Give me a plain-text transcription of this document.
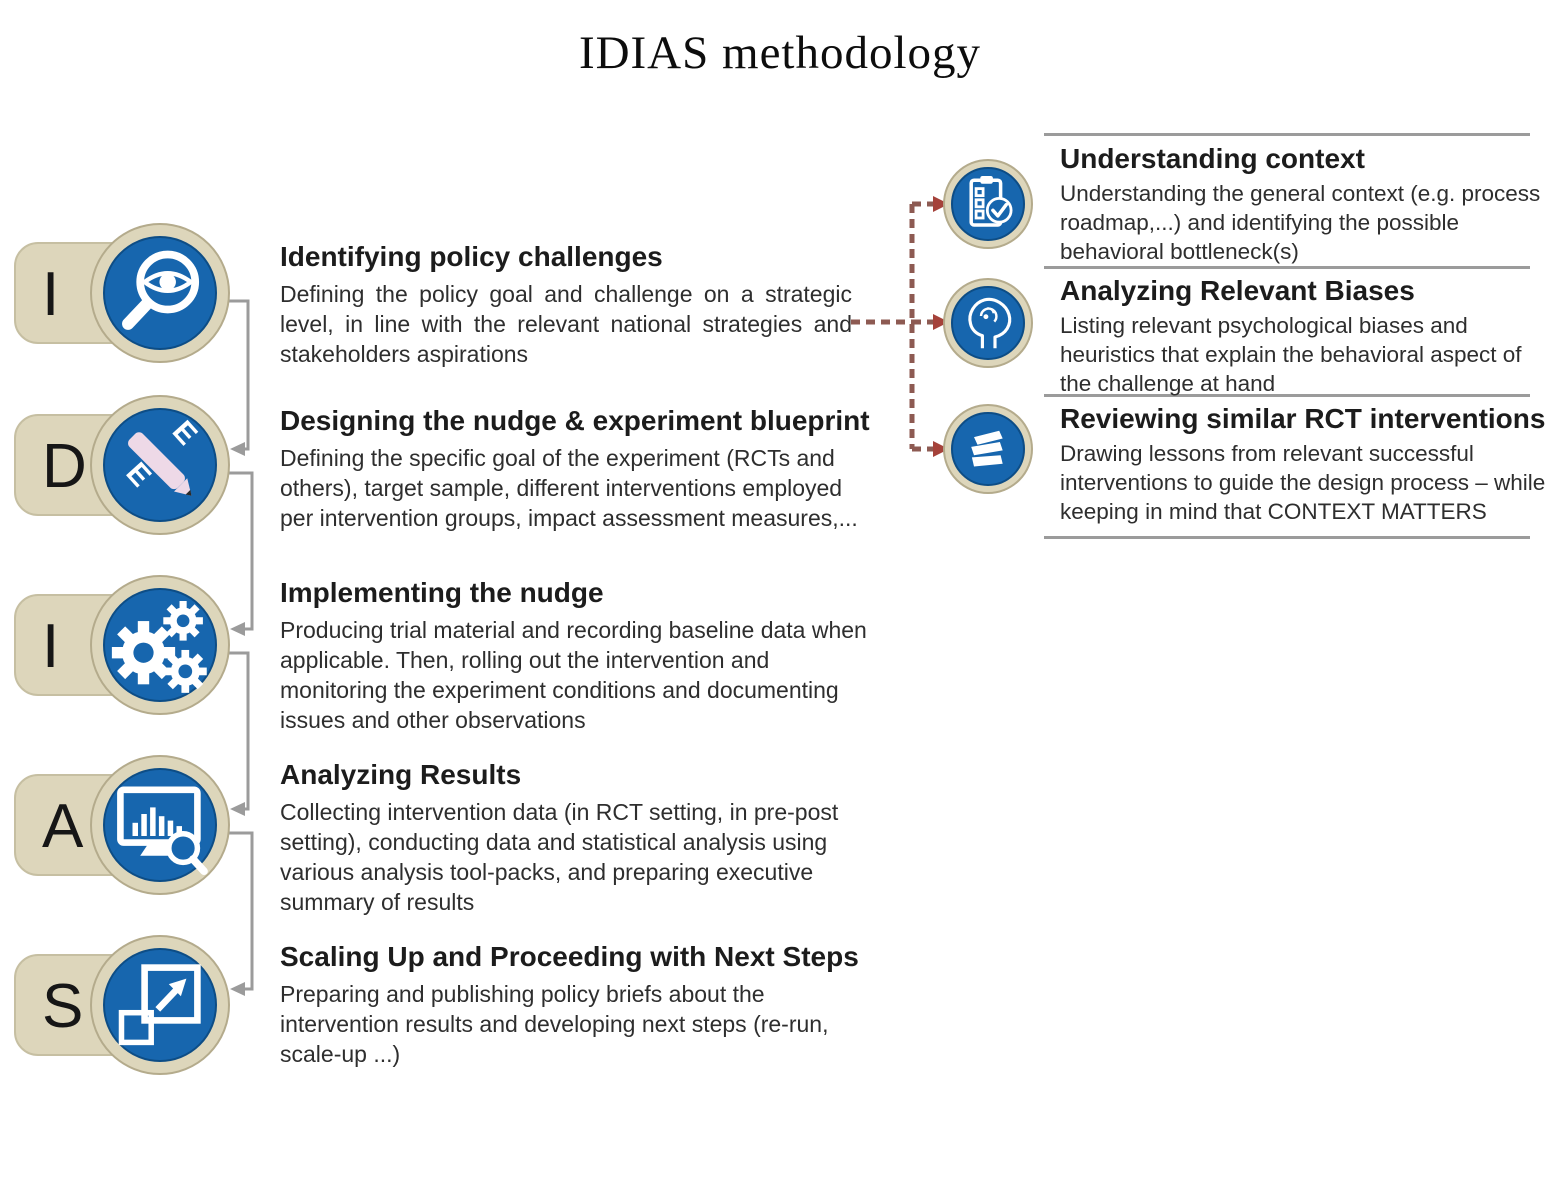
IDIAS methodology
I
D	E
E
I
A
S
Identifying policy challenges

Defining the policy goal and challenge on a strategic level, in line with the relevant national strategies and stakeholders aspirations

Designing the nudge & experiment blueprint

Defining the specific goal of the experiment (RCTs and others), target sample, different interventions employed per intervention groups, impact assessment measures,...

Implementing the nudge

Producing trial material and recording baseline data when applicable. Then, rolling out the intervention and monitoring the experiment conditions and documenting issues and other observations

Analyzing Results

Collecting intervention data (in RCT setting, in pre-post setting), conducting data and statistical analysis using various analysis tool-packs, and preparing executive summary of results

Scaling Up and Proceeding with Next Steps

Preparing and publishing policy briefs about the intervention results and developing next steps (re-run, scale-up ...)

Understanding context

Understanding the general context (e.g. process roadmap,...) and identifying the possible behavioral bottleneck(s)

Analyzing Relevant Biases

Listing relevant psychological biases and heuristics that explain the behavioral aspect of the challenge at hand

Reviewing similar RCT interventions

Drawing lessons from relevant successful interventions to guide the design process – while keeping in mind that CONTEXT MATTERS
